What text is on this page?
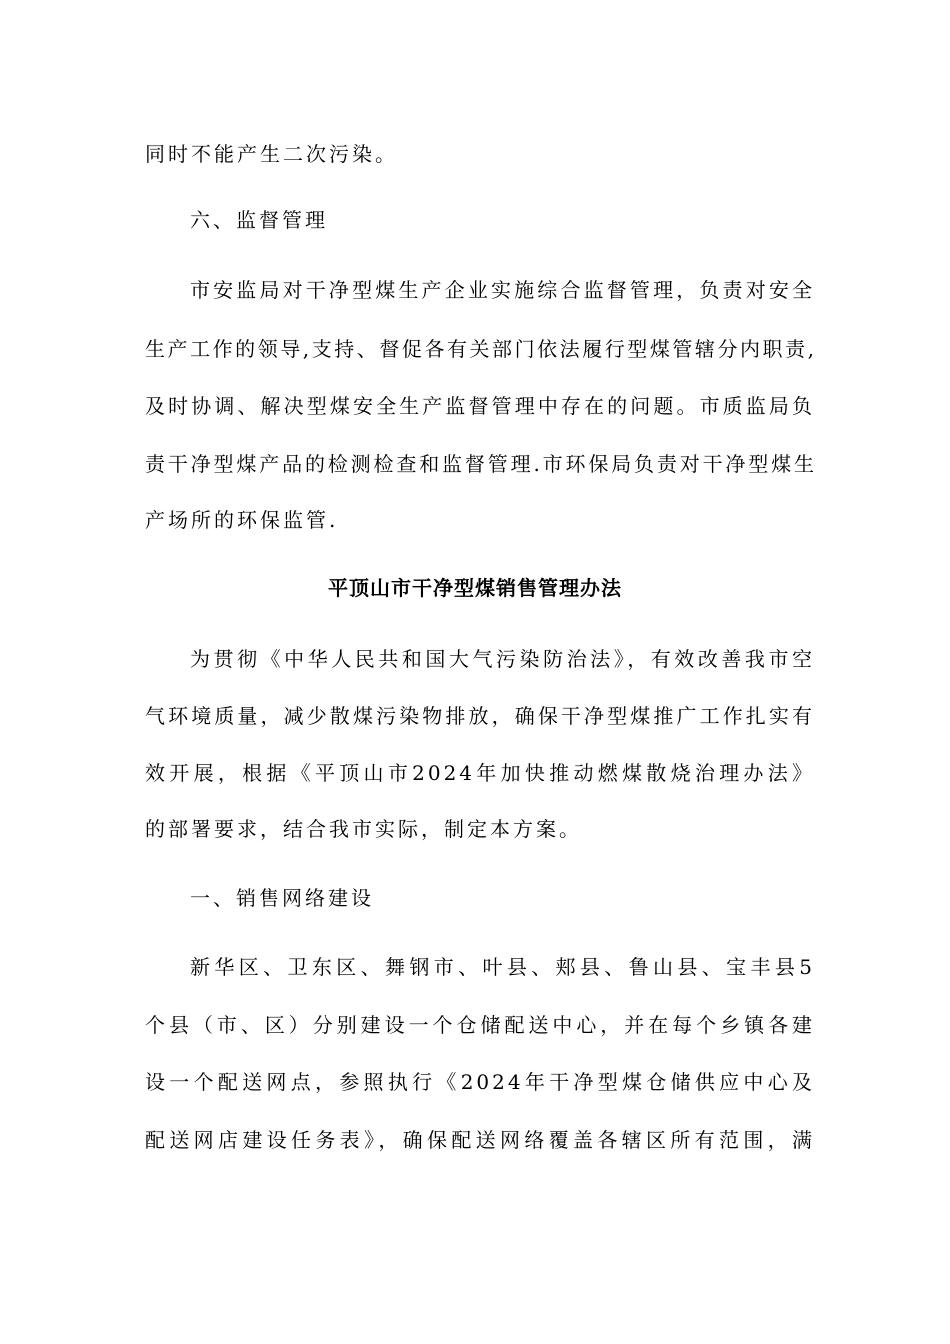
同时不能产生二次污染。

六、监督管理

市安监局对干净型煤生产企业实施综合监督管理，负责对安全

生产工作的领导,支持、督促各有关部门依法履行型煤管辖分内职责,

及时协调、解决型煤安全生产监督管理中存在的问题。市质监局负

责干净型煤产品的检测检查和监督管理.市环保局负责对干净型煤生

产场所的环保监管.

平顶山市干净型煤销售管理办法

为贯彻《中华人民共和国大气污染防治法》，有效改善我市空

气环境质量，减少散煤污染物排放，确保干净型煤推广工作扎实有

效开展，根据《平顶山市2024年加快推动燃煤散烧治理办法》

的部署要求，结合我市实际，制定本方案。

一、销售网络建设

新华区、卫东区、舞钢市、叶县、郏县、鲁山县、宝丰县5

个县（市、区）分别建设一个仓储配送中心，并在每个乡镇各建

设一个配送网点，参照执行《2024年干净型煤仓储供应中心及

配送网店建设任务表》，确保配送网络覆盖各辖区所有范围，满
